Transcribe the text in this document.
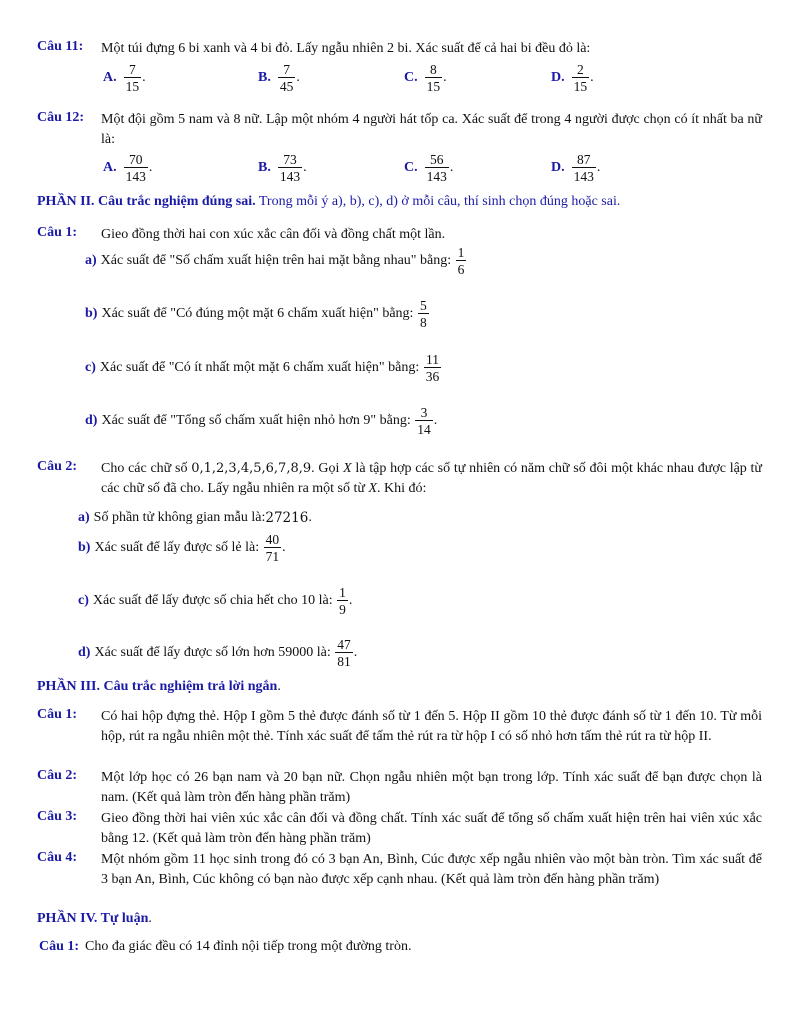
Câu 11: Một túi đựng 6 bi xanh và 4 bi đỏ. Lấy ngẫu nhiên 2 bi. Xác suất để cả hai bi đều đỏ là:
A. $\frac{7}{15}$ .	B. $\frac{7}{45}$ .	C. $\frac{8}{15}$ .	D. $\frac{2}{15}$ .
Câu 12: Một đội gồm 5 nam và 8 nữ. Lập một nhóm 4 người hát tốp ca. Xác suất để trong 4 người được chọn có ít nhất ba nữ là:
A. $\frac{70}{143}$ .	B. $\frac{73}{143}$ .	C. $\frac{56}{143}$ .	D. $\frac{87}{143}$ .
PHẦN II. Câu trắc nghiệm đúng sai. Trong mỗi ý a), b), c), d) ở mỗi câu, thí sinh chọn đúng hoặc sai.
Câu 1: Gieo đồng thời hai con xúc xắc cân đối và đồng chất một lần.
a) Xác suất để "Số chấm xuất hiện trên hai mặt bằng nhau" bằng:
$\frac{1}{6}$
b) Xác suất để "Có đúng một mặt 6 chấm xuất hiện" bằng:
$\frac{5}{8}$
c) Xác suất để "Có ít nhất một mặt 6 chấm xuất hiện" bằng:
$\frac{11}{36}$
d) Xác suất để "Tổng số chấm xuất hiện nhỏ hơn 9" bằng:
$\frac{3}{14}$ .
Câu 2: Cho các chữ số 0,1,2,3,4,5,6,7,8,9. Gọi X là tập hợp các số tự nhiên có năm chữ số đôi một khác nhau được lập từ các chữ số đã cho. Lấy ngẫu nhiên ra một số từ X. Khi đó:
a) Số phần tử không gian mẫu là: 27216 .
b) Xác suất để lấy được số lẻ là:
$\frac{40}{71}$ .
c) Xác suất để lấy được số chia hết cho 10 là:
$\frac{1}{9}$ .
d) Xác suất để lấy được số lớn hơn 59000 là:
$\frac{47}{81}$ .
PHẦN III. Câu trắc nghiệm trả lời ngắn.
Câu 1: Có hai hộp đựng thẻ. Hộp I gồm 5 thẻ được đánh số từ 1 đến 5. Hộp II gồm 10 thẻ được đánh số từ 1 đến 10. Từ mỗi hộp, rút ra ngẫu nhiên một thẻ. Tính xác suất để tấm thẻ rút ra từ hộp I có số nhỏ hơn tấm thẻ rút ra từ hộp II.
Câu 2: Một lớp học có 26 bạn nam và 20 bạn nữ. Chọn ngẫu nhiên một bạn trong lớp. Tính xác suất để bạn được chọn là nam. (Kết quả làm tròn đến hàng phần trăm)
Câu 3: Gieo đồng thời hai viên xúc xắc cân đối và đồng chất. Tính xác suất để tổng số chấm xuất hiện trên hai viên xúc xắc bằng 12. (Kết quả làm tròn đến hàng phần trăm)
Câu 4: Một nhóm gồm 11 học sinh trong đó có 3 bạn An, Bình, Cúc được xếp ngẫu nhiên vào một bàn tròn. Tìm xác suất để 3 bạn An, Bình, Cúc không có bạn nào được xếp cạnh nhau. (Kết quả làm tròn đến hàng phần trăm)
PHẦN IV. Tự luận.
Câu 1: Cho đa giác đều có 14 đỉnh nội tiếp trong một đường tròn.
